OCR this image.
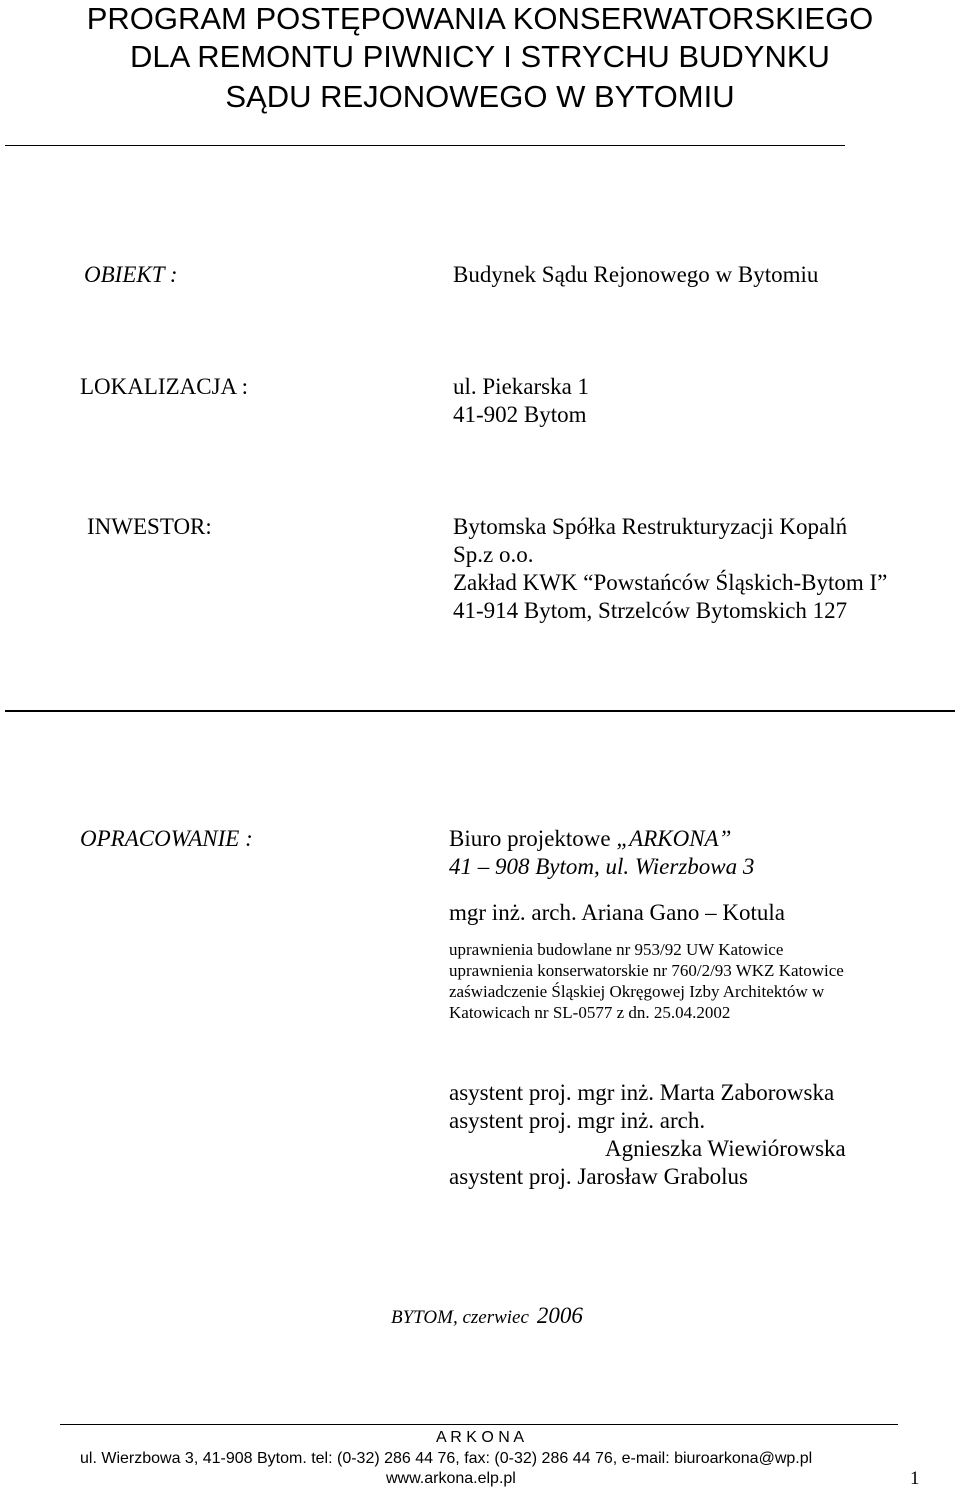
PROGRAM POSTĘPOWANIA KONSERWATORSKIEGO
DLA REMONTU PIWNICY I STRYCHU BUDYNKU
SĄDU REJONOWEGO W BYTOMIU
OBIEKT :	Budynek Sądu Rejonowego w Bytomiu
LOKALIZACJA :	ul. Piekarska 1
41-902 Bytom
INWESTOR:	Bytomska Spółka Restrukturyzacji Kopalń
Sp.z o.o.
Zakład KWK “Powstańców Śląskich-Bytom I”
41-914 Bytom, Strzelców Bytomskich 127
OPRACOWANIE :	Biuro projektowe „ARKONA”
41 – 908 Bytom, ul. Wierzbowa 3
mgr inż. arch. Ariana Gano – Kotula
uprawnienia budowlane nr 953/92 UW Katowice
uprawnienia konserwatorskie nr 760/2/93 WKZ Katowice
zaświadczenie Śląskiej Okręgowej Izby Architektów w
Katowicach nr SL-0577 z dn. 25.04.2002
asystent proj. mgr inż. Marta Zaborowska
asystent proj. mgr inż. arch.
Agnieszka Wiewiórowska
asystent proj. Jarosław Grabolus
BYTOM, czerwiec 2006
A R K O N A
ul. Wierzbowa 3, 41-908 Bytom. tel: (0-32) 286 44 76, fax: (0-32) 286 44 76, e-mail: biuroarkona@wp.pl
www.arkona.elp.pl	1
